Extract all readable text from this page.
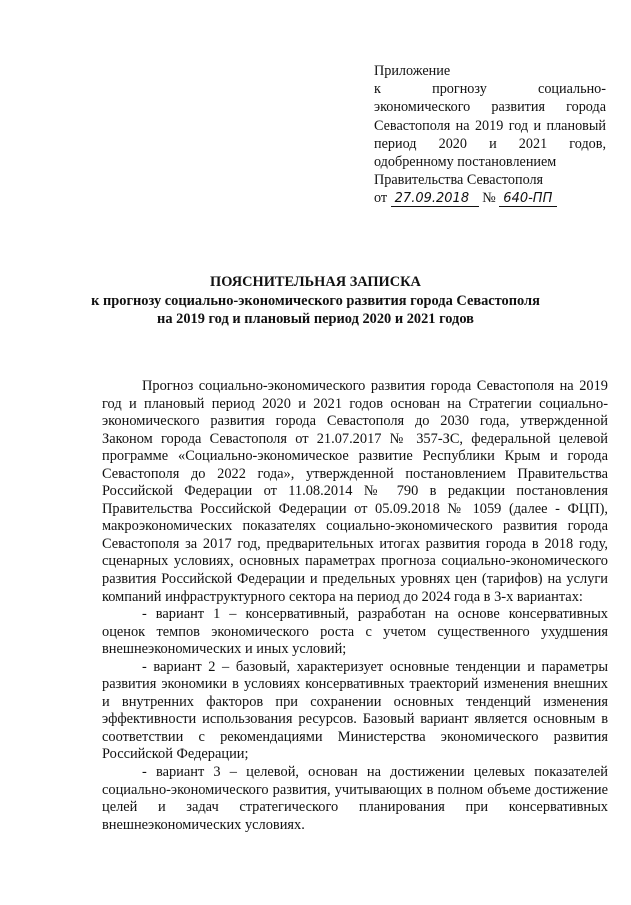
Приложение
к прогнозу социально-
экономического развития города
Севастополя на 2019 год и плановый
период 2020 и 2021 годов,
одобренному постановлением
Правительства Севастополя
от 27.09.2018 № 640-ПП
ПОЯСНИТЕЛЬНАЯ ЗАПИСКА
к прогнозу социально-экономического развития города Севастополя
на 2019 год и плановый период 2020 и 2021 годов

Прогноз социально-экономического развития города Севастополя на 2019 год и плановый период 2020 и 2021 годов основан на Стратегии социально-экономического развития города Севастополя до 2030 года, утвержденной Законом города Севастополя от 21.07.2017 № 357-ЗС, федеральной целевой программе «Социально-экономическое развитие Республики Крым и города Севастополя до 2022 года», утвержденной постановлением Правительства Российской Федерации от 11.08.2014 № 790 в редакции постановления Правительства Российской Федерации от 05.09.2018 № 1059 (далее - ФЦП), макроэкономических показателях социально-экономического развития города Севастополя за 2017 год, предварительных итогах развития города в 2018 году, сценарных условиях, основных параметрах прогноза социально-экономического развития Российской Федерации и предельных уровнях цен (тарифов) на услуги компаний инфраструктурного сектора на период до 2024 года в 3-х вариантах:

- вариант 1 – консервативный, разработан на основе консервативных оценок темпов экономического роста с учетом существенного ухудшения внешнеэкономических и иных условий;

- вариант 2 – базовый, характеризует основные тенденции и параметры развития экономики в условиях консервативных траекторий изменения внешних и внутренних факторов при сохранении основных тенденций изменения эффективности использования ресурсов. Базовый вариант является основным в соответствии с рекомендациями Министерства экономического развития Российской Федерации;

- вариант 3 – целевой, основан на достижении целевых показателей социально-экономического развития, учитывающих в полном объеме достижение целей и задач стратегического планирования при консервативных внешнеэкономических условиях.
